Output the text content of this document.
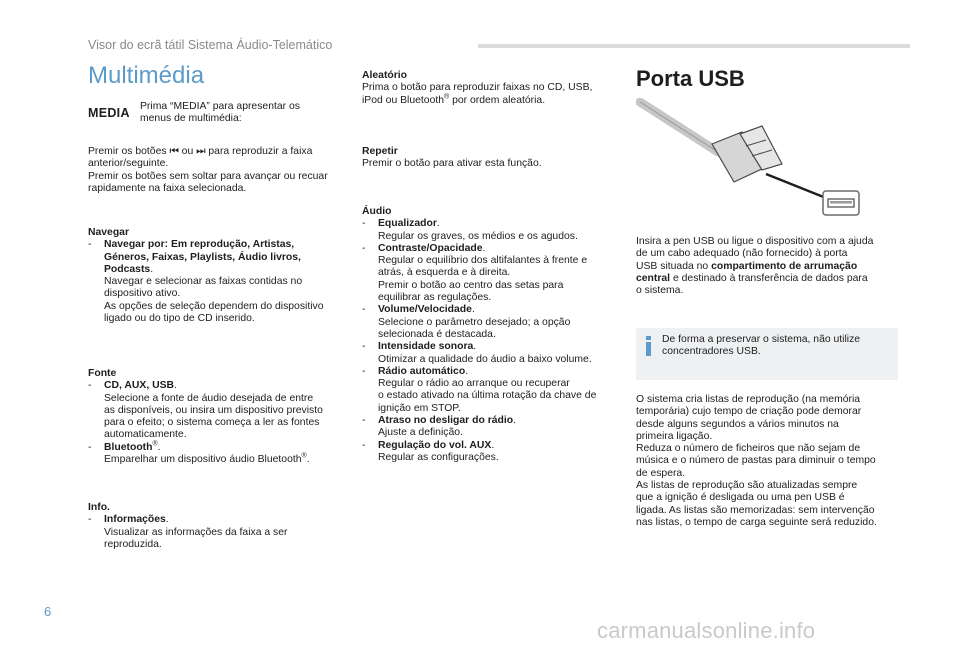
Visor do ecrã tátil Sistema Áudio-Telemático
Multimédia
MEDIA Prima “MEDIA” para apresentar os

menus de multimédia:

Premir os botões ⏮ ou ⏭ para reproduzir a faixa

anterior/seguinte.

Premir os botões sem soltar para avançar ou recuar

rapidamente na faixa selecionada.

Navegar

-	Navegar por: Em reprodução, Artistas,

Géneros, Faixas, Playlists, Áudio livros,

Podcasts.

Navegar e selecionar as faixas contidas no

dispositivo ativo.

As opções de seleção dependem do dispositivo

ligado ou do tipo de CD inserido.

Fonte

-	CD, AUX, USB.

Selecione a fonte de áudio desejada de entre

as disponíveis, ou insira um dispositivo previsto

para o efeito; o sistema começa a ler as fontes

automaticamente.

-	Bluetooth®.

Emparelhar um dispositivo áudio Bluetooth®.

Info.

-	Informações.

Visualizar as informações da faixa a ser

reproduzida.

Aleatório

Prima o botão para reproduzir faixas no CD, USB,

iPod ou Bluetooth® por ordem aleatória.

Repetir

Premir o botão para ativar esta função.

Áudio

-	Equalizador.

Regular os graves, os médios e os agudos.

-	Contraste/Opacidade.

Regular o equilíbrio dos altifalantes à frente e

atrás, à esquerda e à direita.

Premir o botão ao centro das setas para

equilibrar as regulações.

-	Volume/Velocidade.

Selecione o parâmetro desejado; a opção

selecionada é destacada.

-	Intensidade sonora.

Otimizar a qualidade do áudio a baixo volume.

-	Rádio automático.

Regular o rádio ao arranque ou recuperar

o estado ativado na última rotação da chave de

ignição em STOP.

-	Atraso no desligar do rádio.

Ajuste a definição.

-	Regulação do vol. AUX.

Regular as configurações.

Porta USB

Insira a pen USB ou ligue o dispositivo com a ajuda

de um cabo adequado (não fornecido) à porta

USB situada no compartimento de arrumação

central e destinado à transferência de dados para

o sistema.

O sistema cria listas de reprodução (na memória

temporária) cujo tempo de criação pode demorar

desde alguns segundos a vários minutos na

primeira ligação.

Reduza o número de ficheiros que não sejam de

música e o número de pastas para diminuir o tempo

de espera.

As listas de reprodução são atualizadas sempre

que a ignição é desligada ou uma pen USB é

ligada. As listas são memorizadas: sem intervenção

nas listas, o tempo de carga seguinte será reduzido.

De forma a preservar o sistema, não utilize

concentradores USB.

6
carmanualsonline.info
